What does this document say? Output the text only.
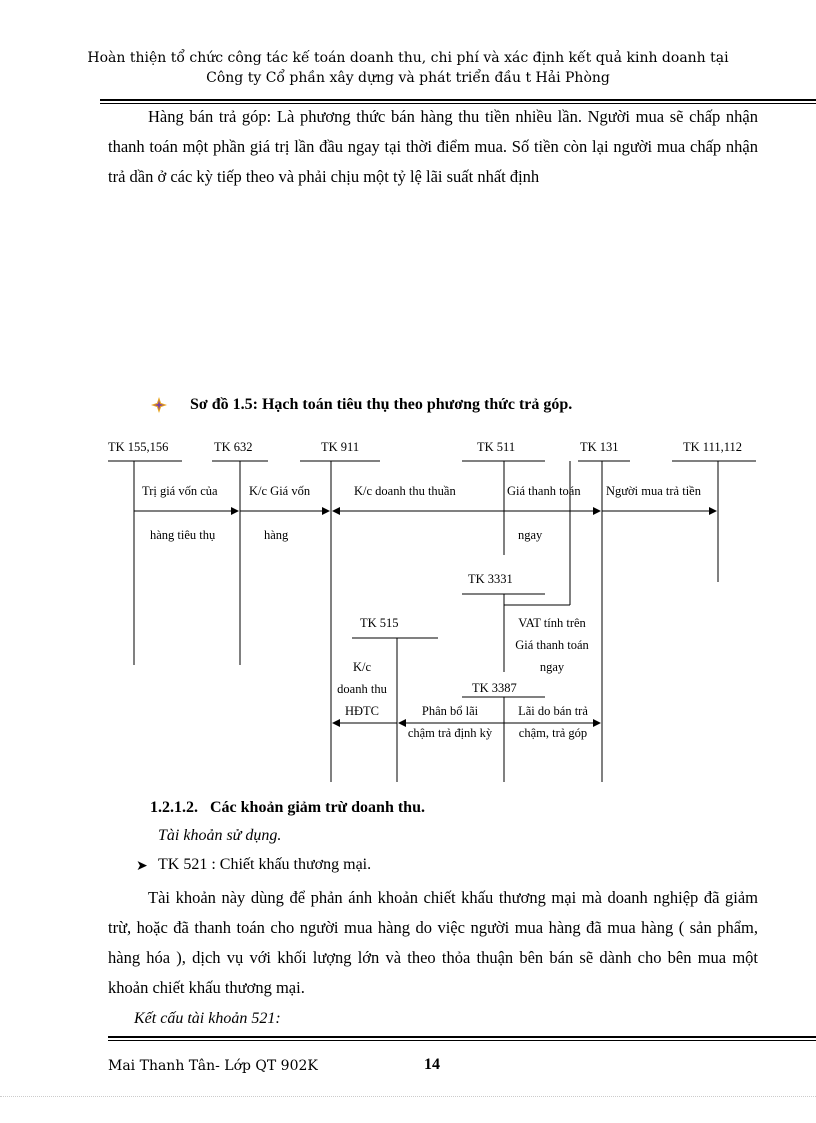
Hoàn thiện tổ chức công tác kế toán doanh thu, chi phí và xác định kết quả kinh doanh tại
Công ty Cổ phần xây dựng và phát triển đầu t Hải Phòng
Hàng bán trả góp: Là phương thức bán hàng thu tiền nhiều lần. Người mua sẽ chấp nhận thanh toán một phần giá trị lần đầu ngay tại thời điểm mua. Số tiền còn lại người mua chấp nhận trả dần ở các kỳ tiếp theo và phải chịu một tỷ lệ lãi suất nhất định
Sơ đồ 1.5: Hạch toán tiêu thụ theo phương thức trả góp.
TK 155,156	TK 632	TK 911	TK 511	TK 131	TK 111,112
TK 3331
TK 515
TK 3387
Trị giá vốn của
hàng tiêu thụ
K/c Giá vốn
hàng
K/c doanh thu thuần	Giá thanh toán
ngay
Người mua trả tiền
VAT tính trên
Giá thanh toán
ngay
K/c
doanh thu
HĐTC	Phân bổ lãi
chậm trả định kỳ
Lãi do bán trả
chậm, trả góp
1.2.1.2.   Các khoản giảm trừ doanh thu.
Tài khoản sử dụng.
➤ TK 521 : Chiết khấu thương mại.
Tài khoản này dùng để phản ánh khoản chiết khấu thương mại mà doanh nghiệp đã giảm trừ, hoặc đã thanh toán cho người mua hàng do việc người mua hàng đã mua hàng ( sản phẩm, hàng hóa ), dịch vụ với khối lượng lớn và theo thỏa thuận bên bán sẽ dành cho bên mua một khoản chiết khấu thương mại.
Kết cấu tài khoản 521:
Mai Thanh Tân- Lớp QT 902K	14
